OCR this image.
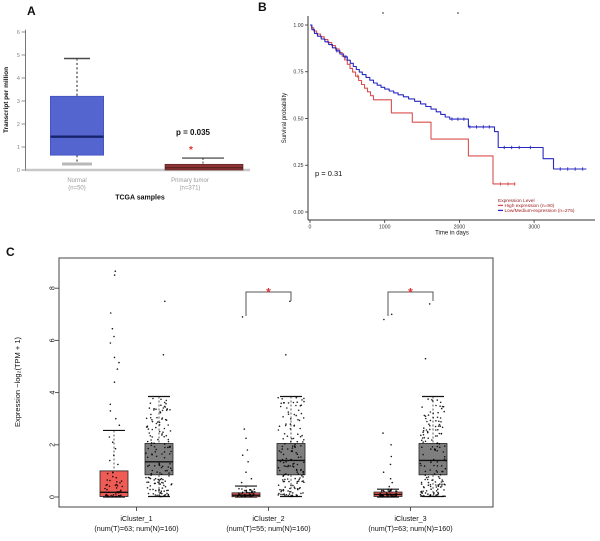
A	B
C
0
1
2
3
4
5
6
Transcript per million	p = 0.035
*
Normal
(n=50)
Primary tumor
(n=371)
TCGA samples
1.00
0.75
0.50
0.25
0.00
0	1000	2000	3000
Time in days
Survival probability
p = 0.31
Expression Level
High expression (n=90)
Low/Medium-expression (n=275)
0
2
4
6
8
Expression −log₂(TPM + 1)
iCluster_1
(num(T)=63; num(N)=160)
iCluster_2
(num(T)=55; num(N)=160)
*
iCluster_3
(num(T)=63; num(N)=160)
*
